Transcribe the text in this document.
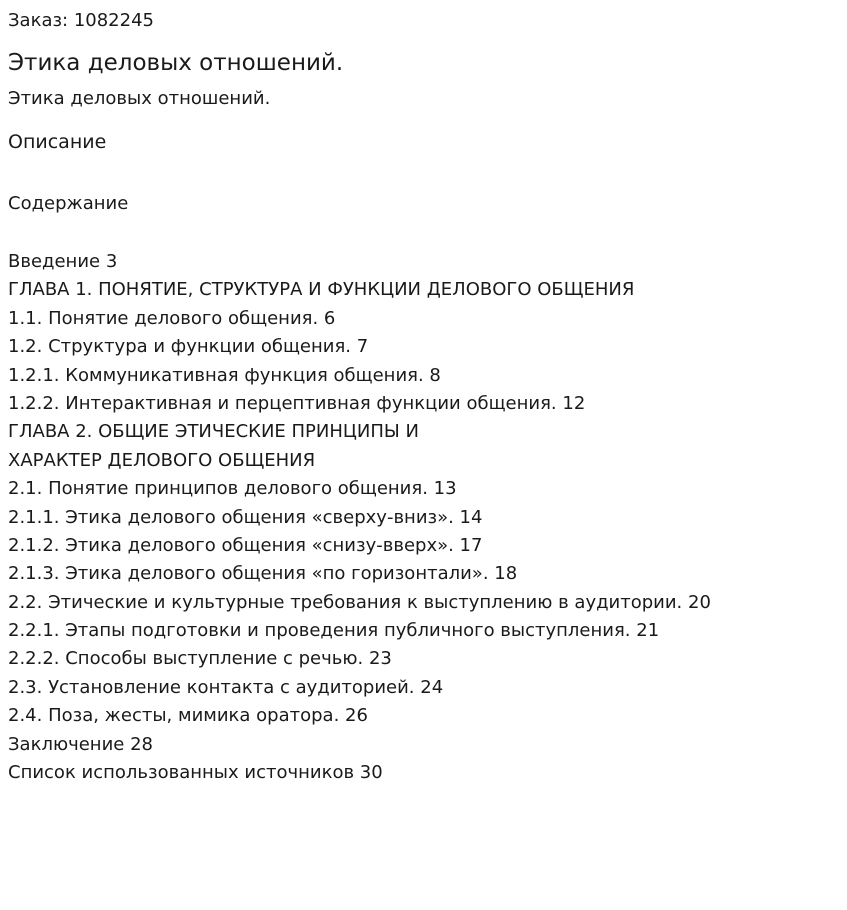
Заказ: 1082245
Этика деловых отношений.
Этика деловых отношений.
Описание
Содержание
Введение 3
ГЛАВА 1. ПОНЯТИЕ, СТРУКТУРА И ФУНКЦИИ ДЕЛОВОГО ОБЩЕНИЯ
1.1. Понятие делового общения. 6
1.2. Структура и функции общения. 7
1.2.1. Коммуникативная функция общения. 8
1.2.2. Интерактивная и перцептивная функции общения. 12
ГЛАВА 2. ОБЩИЕ ЭТИЧЕСКИЕ ПРИНЦИПЫ И
ХАРАКТЕР ДЕЛОВОГО ОБЩЕНИЯ
2.1. Понятие принципов делового общения. 13
2.1.1. Этика делового общения «сверху-вниз». 14
2.1.2. Этика делового общения «снизу-вверх». 17
2.1.3. Этика делового общения «по горизонтали». 18
2.2. Этические и культурные требования к выступлению в аудитории. 20
2.2.1. Этапы подготовки и проведения публичного выступления. 21
2.2.2. Способы выступление с речью. 23
2.3. Установление контакта с аудиторией. 24
2.4. Поза, жесты, мимика оратора. 26
Заключение 28
Список использованных источников 30
